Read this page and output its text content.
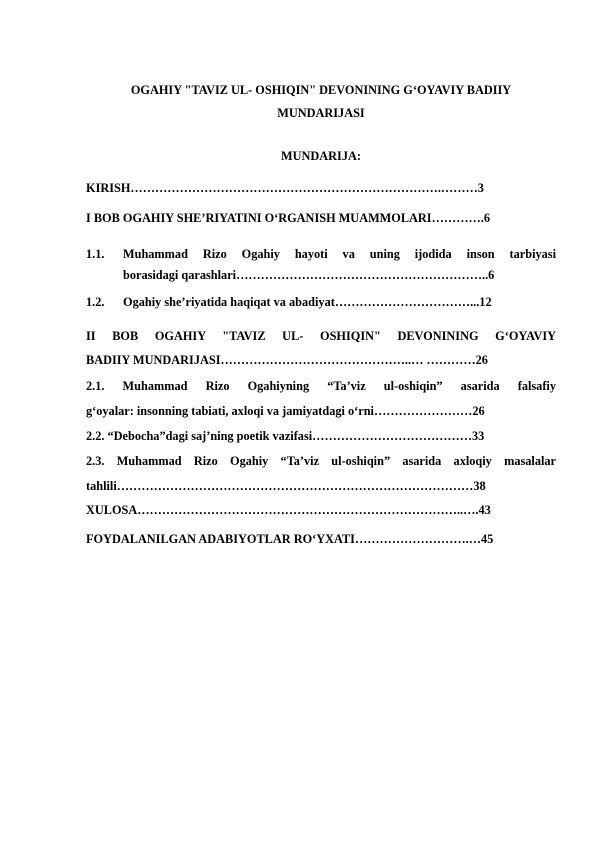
OGAHIY "TAVIZ UL- OSHIQIN" DEVONINING G‘OYAVIY BADIIY
MUNDARIJASI
MUNDARIJA:
KIRISH………………………………………………………………….………3
I BOB OGAHIY SHE’RIYATINI O‘RGANISH MUAMMOLARI………….6
1.1. Muhammad Rizo Ogahiy hayoti va uning ijodida inson tarbiyasi
borasidagi qarashlari……………………………………………………..6
1.2. Ogahiy she’riyatida haqiqat va abadiyat……………………………...12
II BOB OGAHIY "TAVIZ UL- OSHIQIN" DEVONINING G‘OYAVIY
BADIIY MUNDARIJASI………………………………………..… …………26
2.1. Muhammad Rizo Ogahiyning “Ta’viz ul-oshiqin” asarida falsafiy
g‘oyalar: insonning tabiati, axloqi va jamiyatdagi o‘rni……………………26
2.2. “Debocha”dagi saj’ning poetik vazifasi…………………………………33
2.3. Muhammad Rizo Ogahiy “Ta’viz ul-oshiqin” asarida axloqiy masalalar
tahlili……………………………………………………………………………38
XULOSA……………………………………………………………………..….43
FOYDALANILGAN ADABIYOTLAR RO‘YXATI……………………….…45
